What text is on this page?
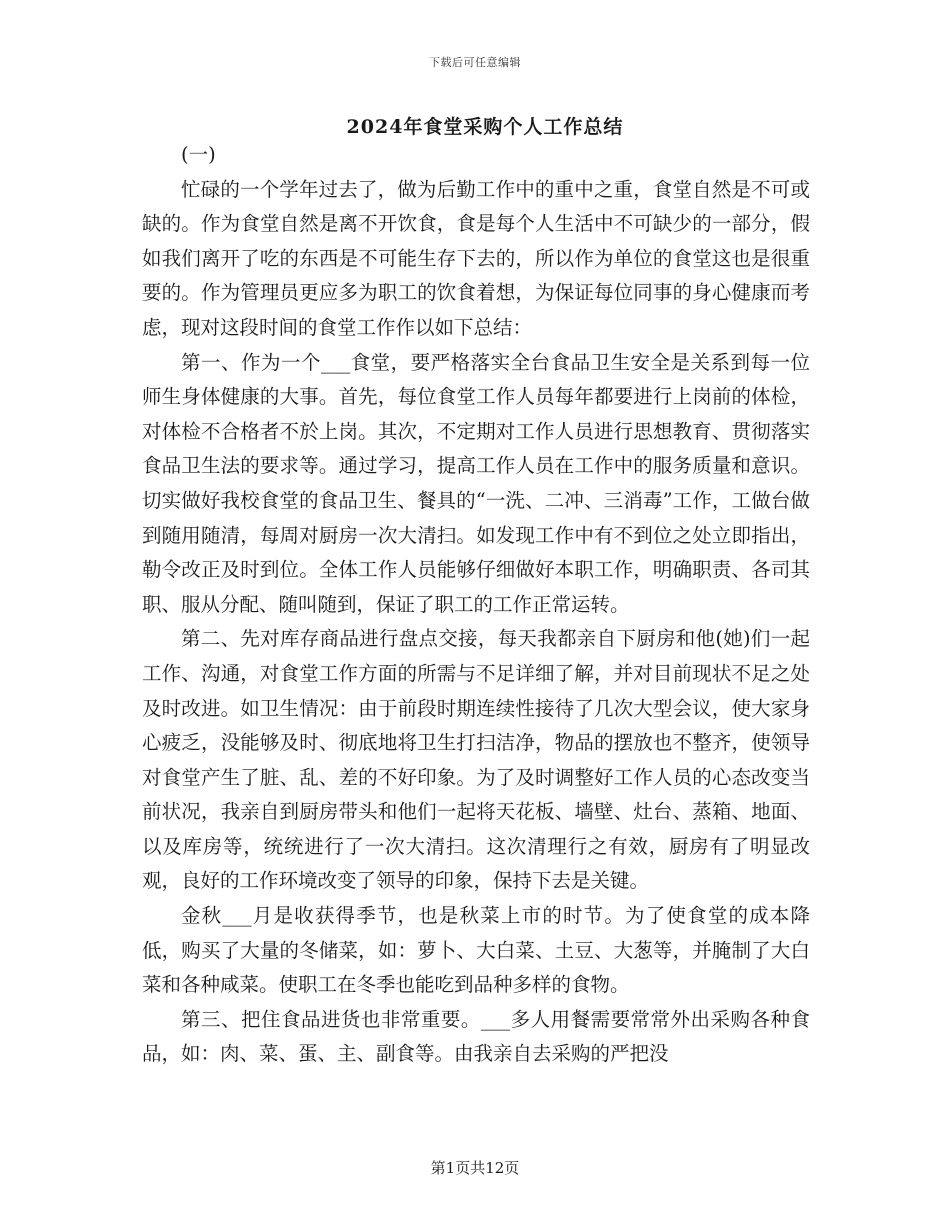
下载后可任意编辑
2024年食堂采购个人工作总结

(一)

忙碌的一个学年过去了，做为后勤工作中的重中之重，食堂自然是不可或缺的。作为食堂自然是离不开饮食，食是每个人生活中不可缺少的一部分，假如我们离开了吃的东西是不可能生存下去的，所以作为单位的食堂这也是很重要的。作为管理员更应多为职工的饮食着想，为保证每位同事的身心健康而考虑，现对这段时间的食堂工作作以如下总结：

第一、作为一个___食堂，要严格落实全台食品卫生安全是关系到每一位师生身体健康的大事。首先，每位食堂工作人员每年都要进行上岗前的体检，对体检不合格者不於上岗。其次，不定期对工作人员进行思想教育、贯彻落实食品卫生法的要求等。通过学习，提高工作人员在工作中的服务质量和意识。切实做好我校食堂的食品卫生、餐具的“一洗、二冲、三消毒”工作，工做台做到随用随清，每周对厨房一次大清扫。如发现工作中有不到位之处立即指出，勒令改正及时到位。全体工作人员能够仔细做好本职工作，明确职责、各司其职、服从分配、随叫随到，保证了职工的工作正常运转。

第二、先对库存商品进行盘点交接，每天我都亲自下厨房和他(她)们一起工作、沟通，对食堂工作方面的所需与不足详细了解，并对目前现状不足之处及时改进。如卫生情况：由于前段时期连续性接待了几次大型会议，使大家身心疲乏，没能够及时、彻底地将卫生打扫洁净，物品的摆放也不整齐，使领导对食堂产生了脏、乱、差的不好印象。为了及时调整好工作人员的心态改变当前状况，我亲自到厨房带头和他们一起将天花板、墙壁、灶台、蒸箱、地面、以及库房等，统统进行了一次大清扫。这次清理行之有效，厨房有了明显改观，良好的工作环境改变了领导的印象，保持下去是关键。

金秋___月是收获得季节，也是秋菜上市的时节。为了使食堂的成本降低，购买了大量的冬储菜，如：萝卜、大白菜、土豆、大葱等，并腌制了大白菜和各种咸菜。使职工在冬季也能吃到品种多样的食物。

第三、把住食品进货也非常重要。___多人用餐需要常常外出采购各种食品，如：肉、菜、蛋、主、副食等。由我亲自去采购的严把没

第1页共12页
